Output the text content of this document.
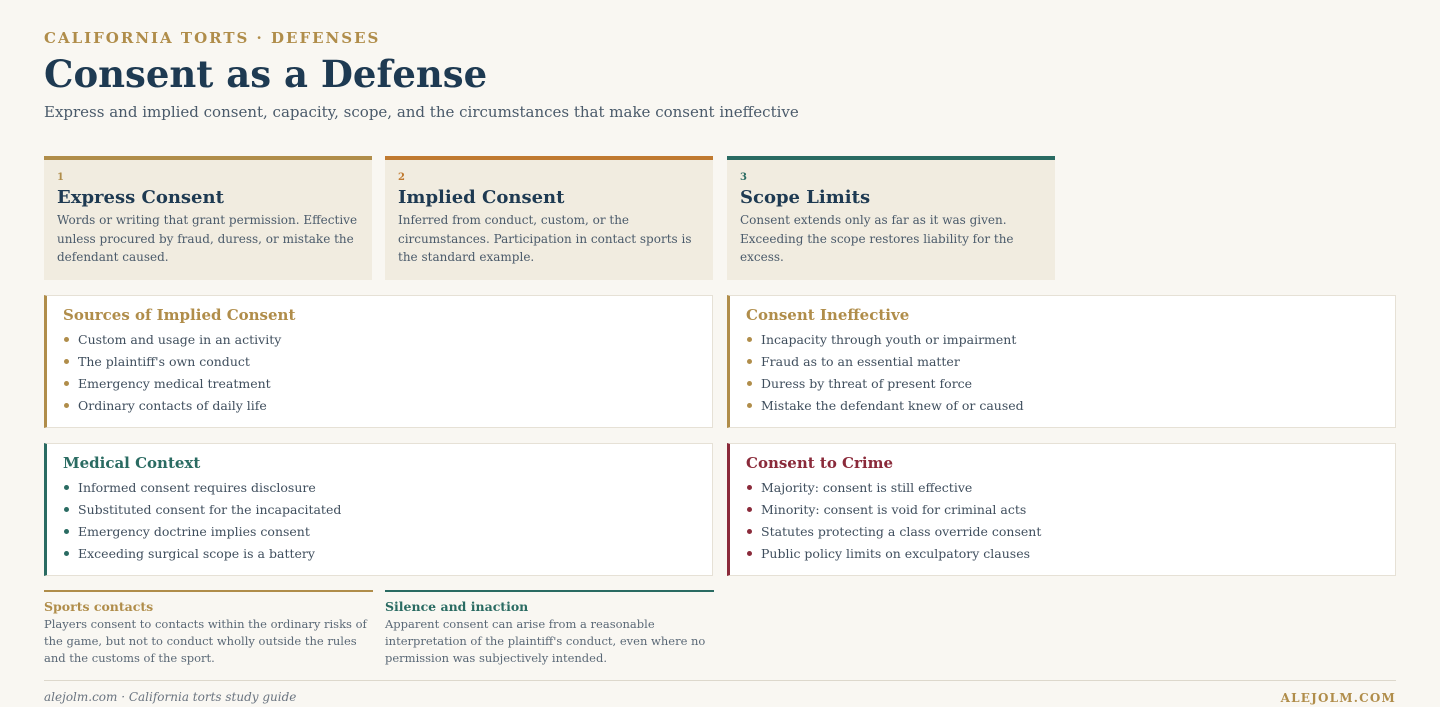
CALIFORNIA TORTS · DEFENSES
Consent as a Defense
Express and implied consent, capacity, scope, and the circumstances that make consent ineffective
1
Express Consent
Words or writing that grant permission. Effective unless procured by fraud, duress, or mistake the defendant caused.
2
Implied Consent
Inferred from conduct, custom, or the circumstances. Participation in contact sports is the standard example.
3
Scope Limits
Consent extends only as far as it was given. Exceeding the scope restores liability for the excess.
Sources of Implied Consent
Custom and usage in an activity
The plaintiff's own conduct
Emergency medical treatment
Ordinary contacts of daily life
Consent Ineffective
Incapacity through youth or impairment
Fraud as to an essential matter
Duress by threat of present force
Mistake the defendant knew of or caused
Medical Context
Informed consent requires disclosure
Substituted consent for the incapacitated
Emergency doctrine implies consent
Exceeding surgical scope is a battery
Consent to Crime
Majority: consent is still effective
Minority: consent is void for criminal acts
Statutes protecting a class override consent
Public policy limits on exculpatory clauses
Sports contacts
Players consent to contacts within the ordinary risks of the game, but not to conduct wholly outside the rules and the customs of the sport.
Silence and inaction
Apparent consent can arise from a reasonable interpretation of the plaintiff's conduct, even where no permission was subjectively intended.
alejolm.com · California torts study guide	ALEJOLM.COM
